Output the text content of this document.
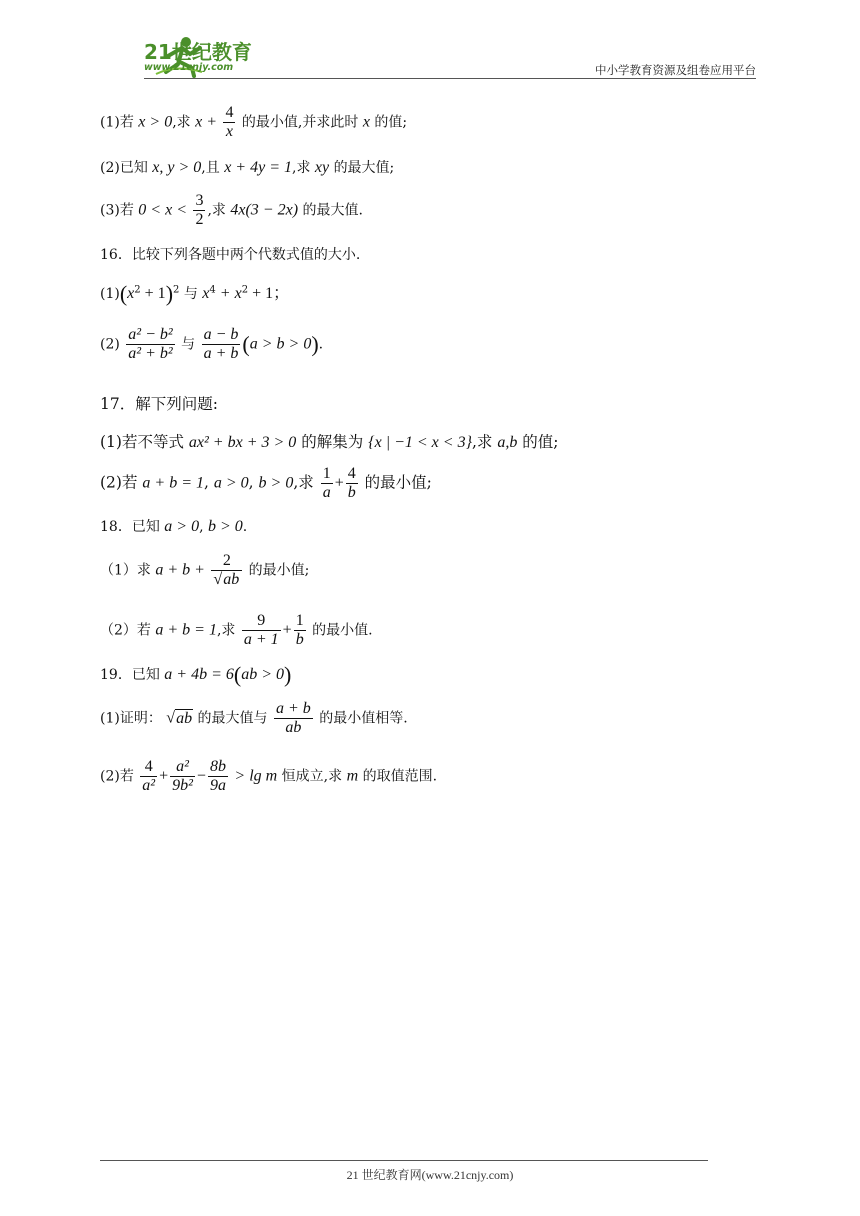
21世纪教育
www.21cnjy.com	中小学教育资源及组卷应用平台
(1)若 x > 0,求 $x + \frac{4}{x}$ 的最小值,并求此时 x 的值;
(2)已知 x, y > 0,且 x + 4y = 1,求 xy 的最大值;
(3)若 $0 < x < \frac{3}{2}$ ,求 4x(3 − 2x) 的最大值.
16．比较下列各题中两个代数式值的大小.
$(1)(x^2 + 1)^2$ 与 $x^4 + x^2 + 1$；
$(2) \frac{\text{a² − b²}}{\text{a² + b²}}$ 与 $\frac{a - b}{a + b} (a > b > 0)$.
17．解下列问题:
(1)若不等式 ax² + bx + 3 > 0 的解集为 {x | −1 < x < 3},求 a,b 的值;
(2)若 a + b = 1, a > 0, b > 0,求 $\frac{1}{a} + \frac{4}{b}$ 的最小值;
18．已知 a > 0, b > 0.
（1）求 $a + b + \frac{2}{√ab}$ 的最小值;
（2）若 a + b = 1,求 $\frac{9}{a + 1} + \frac{1}{b}$ 的最小值.
19．已知 a + 4b = 6(ab > 0)
(1)证明： √ab 的最大值与 $\frac{a + b}{ab}$ 的最小值相等.
(2)若 $\frac{4}{\text{a²}} + \frac{\text{a²}}{\text{9b²}} - \frac{8b}{9a} > \lg m$ 恒成立,求 m 的取值范围.
21 世纪教育网(www.21cnjy.com)
